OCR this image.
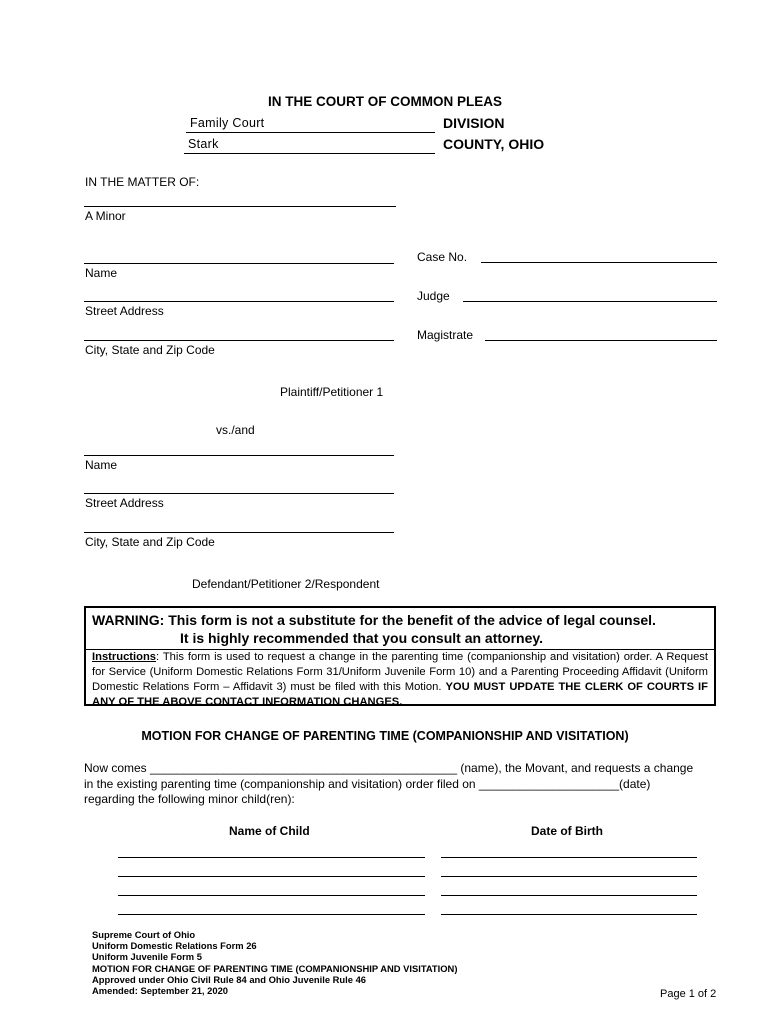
IN THE COURT OF COMMON PLEAS
Family Court	DIVISION
Stark	COUNTY, OHIO
IN THE MATTER OF:
A Minor
Name
Street Address
City, State and Zip Code
Plaintiff/Petitioner 1
Case No.
Judge
Magistrate
vs./and
Name
Street Address
City, State and Zip Code
Defendant/Petitioner 2/Respondent
WARNING: This form is not a substitute for the benefit of the advice of legal counsel.
It is highly recommended that you consult an attorney.
Instructions: This form is used to request a change in the parenting time (companionship and visitation) order. A Request for Service (Uniform Domestic Relations Form 31/Uniform Juvenile Form 10) and a Parenting Proceeding Affidavit (Uniform Domestic Relations Form – Affidavit 3) must be filed with this Motion. YOU MUST UPDATE THE CLERK OF COURTS IF ANY OF THE ABOVE CONTACT INFORMATION CHANGES.
MOTION FOR CHANGE OF PARENTING TIME (COMPANIONSHIP AND VISITATION)
Now comes ______________________________________________ (name), the Movant, and requests a change
in the existing parenting time (companionship and visitation) order filed on _____________________(date)
regarding the following minor child(ren):
Name of Child	Date of Birth
Supreme Court of Ohio
Uniform Domestic Relations Form 26
Uniform Juvenile Form 5
MOTION FOR CHANGE OF PARENTING TIME (COMPANIONSHIP AND VISITATION)
Approved under Ohio Civil Rule 84 and Ohio Juvenile Rule 46
Amended: September 21, 2020	Page 1 of 2
